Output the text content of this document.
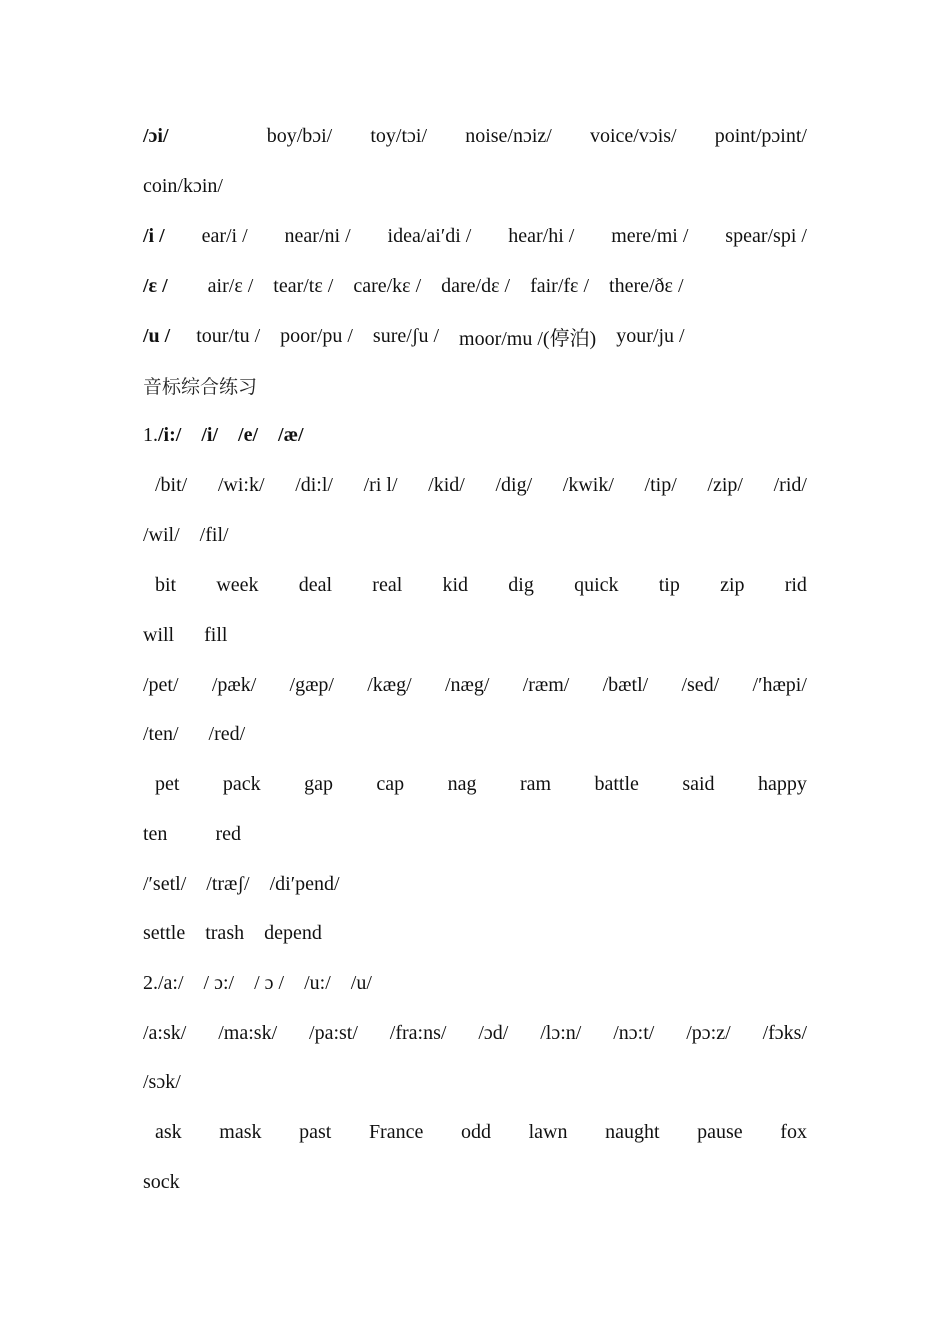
/ɔi/	boy/bɔi/ toy/tɔi/ noise/nɔiz/ voice/vɔis/ point/pɔint/
coin/kɔin/
/i / ear/i / near/ni / idea/ai′di / hear/hi / mere/mi / spear/spi /
/ε / air/ε / tear/tε / care/kε / dare/dε / fair/fε / there/ðε /
/u / tour/tu / poor/pu / sure/ʃu / moor/mu /(停泊) your/ju /
音标综合练习
1. /i:/ /i/ /e/ /æ/
/bit/ /wi:k/ /di:l/ /ri l/ /kid/ /dig/ /kwik/ /tip/ /zip/ /rid/
/wil/ /fil/
bit week deal real kid dig quick tip zip rid
will fill
/pet/ /pæk/ /gæp/ /kæg/ /næg/ /ræm/ /bætl/ /sed/ /′hæpi/
/ten/ /red/
pet pack gap cap nag ram battle said happy
ten red
/′setl/ /træʃ/ /di′pend/
settle trash depend
2./a:/ / ɔ:/ / ɔ / /u:/ /u/
/a:sk/ /ma:sk/ /pa:st/ /fra:ns/ /ɔd/ /lɔ:n/ /nɔ:t/ /pɔ:z/ /fɔks/
/sɔk/
ask mask past France odd lawn naught pause fox
sock
